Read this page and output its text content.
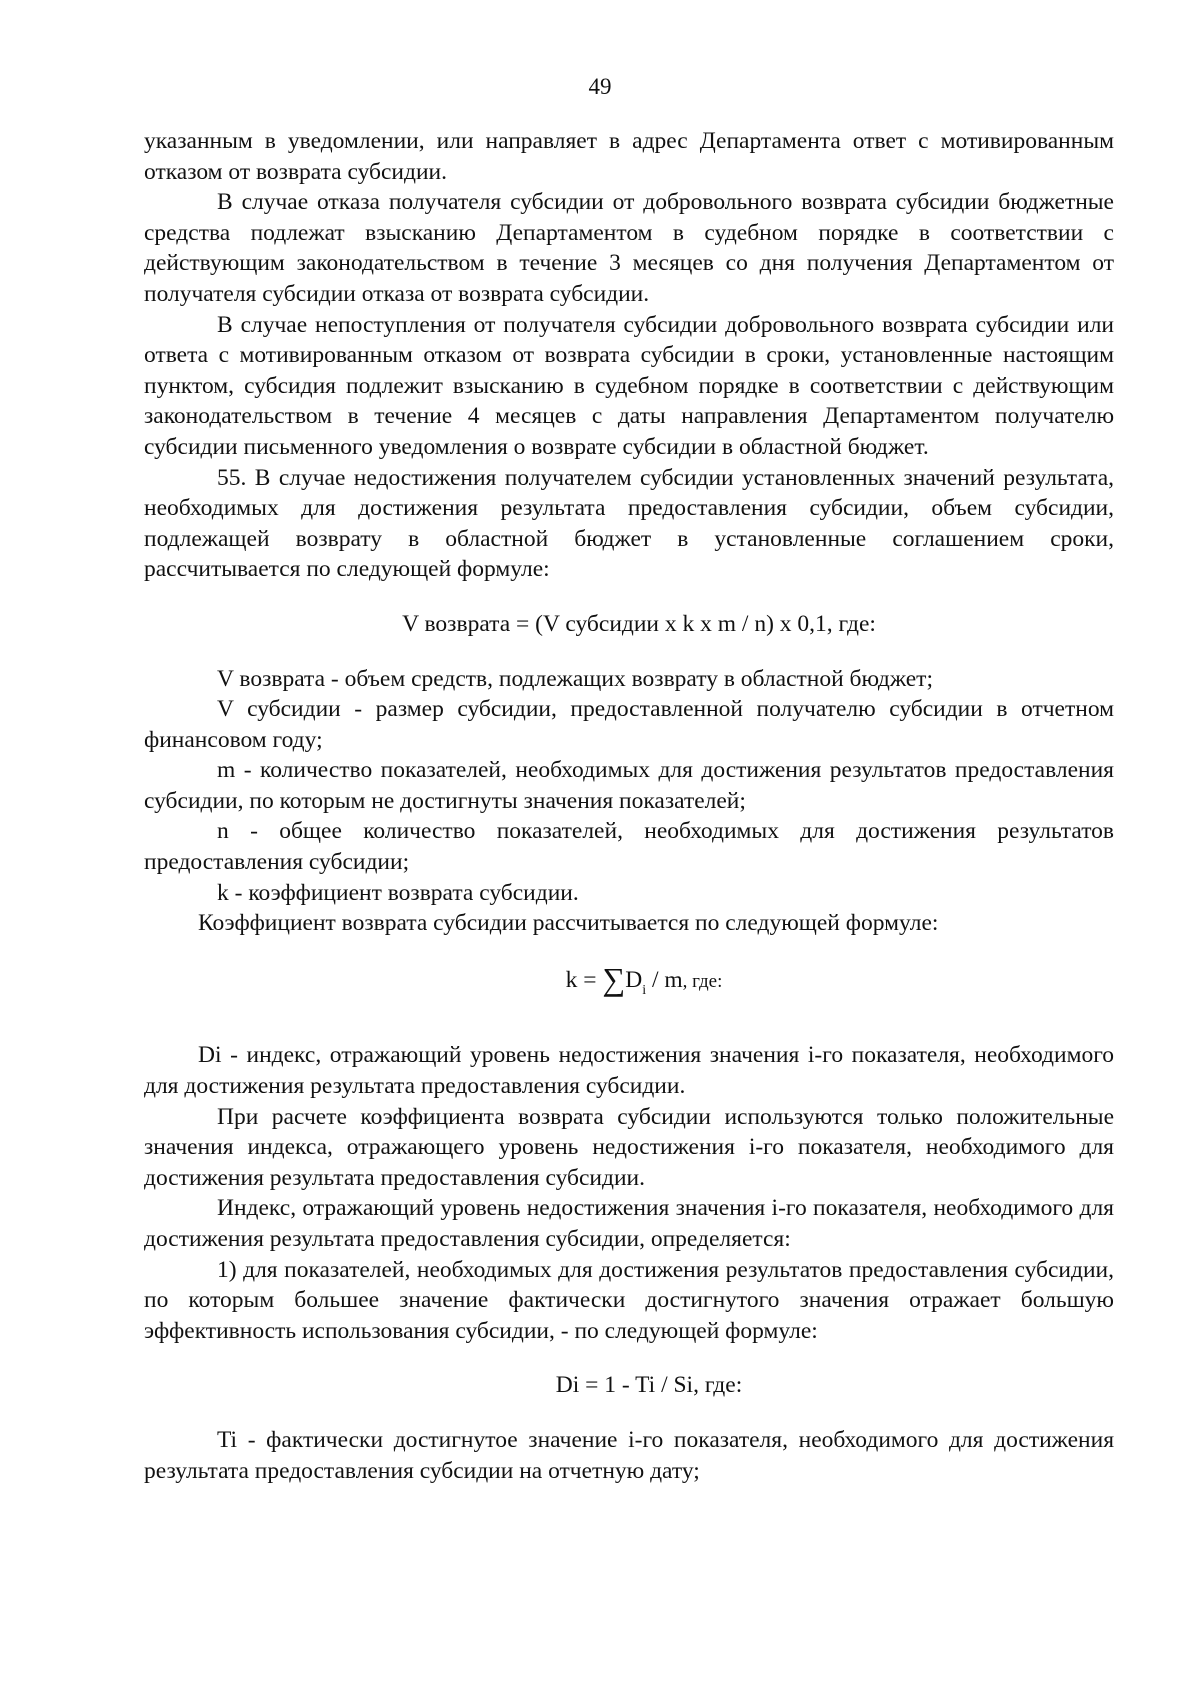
49

указанным в уведомлении, или направляет в адрес Департамента ответ с мотивированным отказом от возврата субсидии.

В случае отказа получателя субсидии от добровольного возврата субсидии бюджетные средства подлежат взысканию Департаментом в судебном порядке в соответствии с действующим законодательством в течение 3 месяцев со дня получения Департаментом от получателя субсидии отказа от возврата субсидии.

В случае непоступления от получателя субсидии добровольного возврата субсидии или ответа с мотивированным отказом от возврата субсидии в сроки, установленные настоящим пунктом, субсидия подлежит взысканию в судебном порядке в соответствии с действующим законодательством в течение 4 месяцев с даты направления Департаментом получателю субсидии письменного уведомления о возврате субсидии в областной бюджет.

55. В случае недостижения получателем субсидии установленных значений результата, необходимых для достижения результата предоставления субсидии, объем субсидии, подлежащей возврату в областной бюджет в установленные соглашением сроки, рассчитывается по следующей формуле:

V возврата = (V субсидии x k x m / n) x 0,1, где:

V возврата - объем средств, подлежащих возврату в областной бюджет;

V субсидии - размер субсидии, предоставленной получателю субсидии в отчетном финансовом году;

m - количество показателей, необходимых для достижения результатов предоставления субсидии, по которым не достигнуты значения показателей;

n - общее количество показателей, необходимых для достижения результатов предоставления субсидии;

k - коэффициент возврата субсидии.

Коэффициент возврата субсидии рассчитывается по следующей формуле:

$k = \sum D_i / m$, где:

Di - индекс, отражающий уровень недостижения значения i-го показателя, необходимого для достижения результата предоставления субсидии.

При расчете коэффициента возврата субсидии используются только положительные значения индекса, отражающего уровень недостижения i-го показателя, необходимого для достижения результата предоставления субсидии.

Индекс, отражающий уровень недостижения значения i-го показателя, необходимого для достижения результата предоставления субсидии, определяется:

1) для показателей, необходимых для достижения результатов предоставления субсидии, по которым большее значение фактически достигнутого значения отражает большую эффективность использования субсидии, - по следующей формуле:

Di = 1 - Ti / Si, где:

Ti - фактически достигнутое значение i-го показателя, необходимого для достижения результата предоставления субсидии на отчетную дату;
